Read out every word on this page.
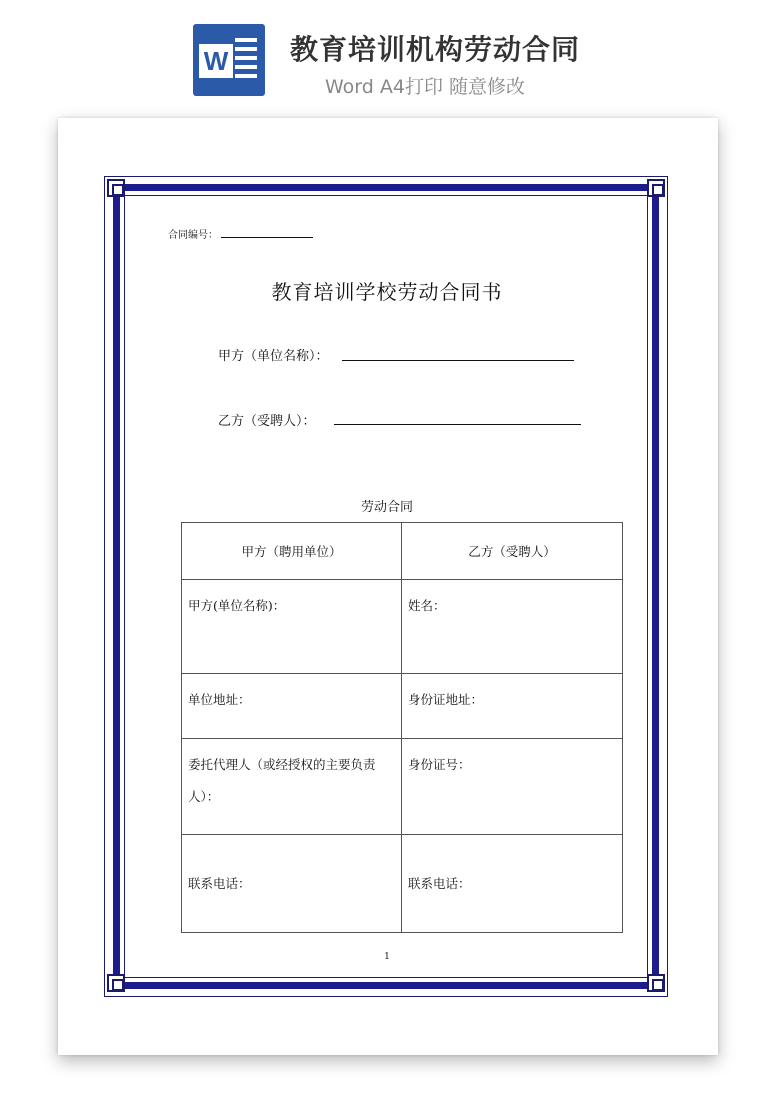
W 教育培训机构劳动合同
Word A4打印 随意修改
合同编号：
教育培训学校劳动合同书
甲方（单位名称）：
乙方（受聘人）：
劳动合同
甲方（聘用单位）	乙方（受聘人）
甲方(单位名称)：	姓名：
单位地址：	身份证地址：
委托代理人（或经授权的主要负责人）：	身份证号：
联系电话：	联系电话：
1
